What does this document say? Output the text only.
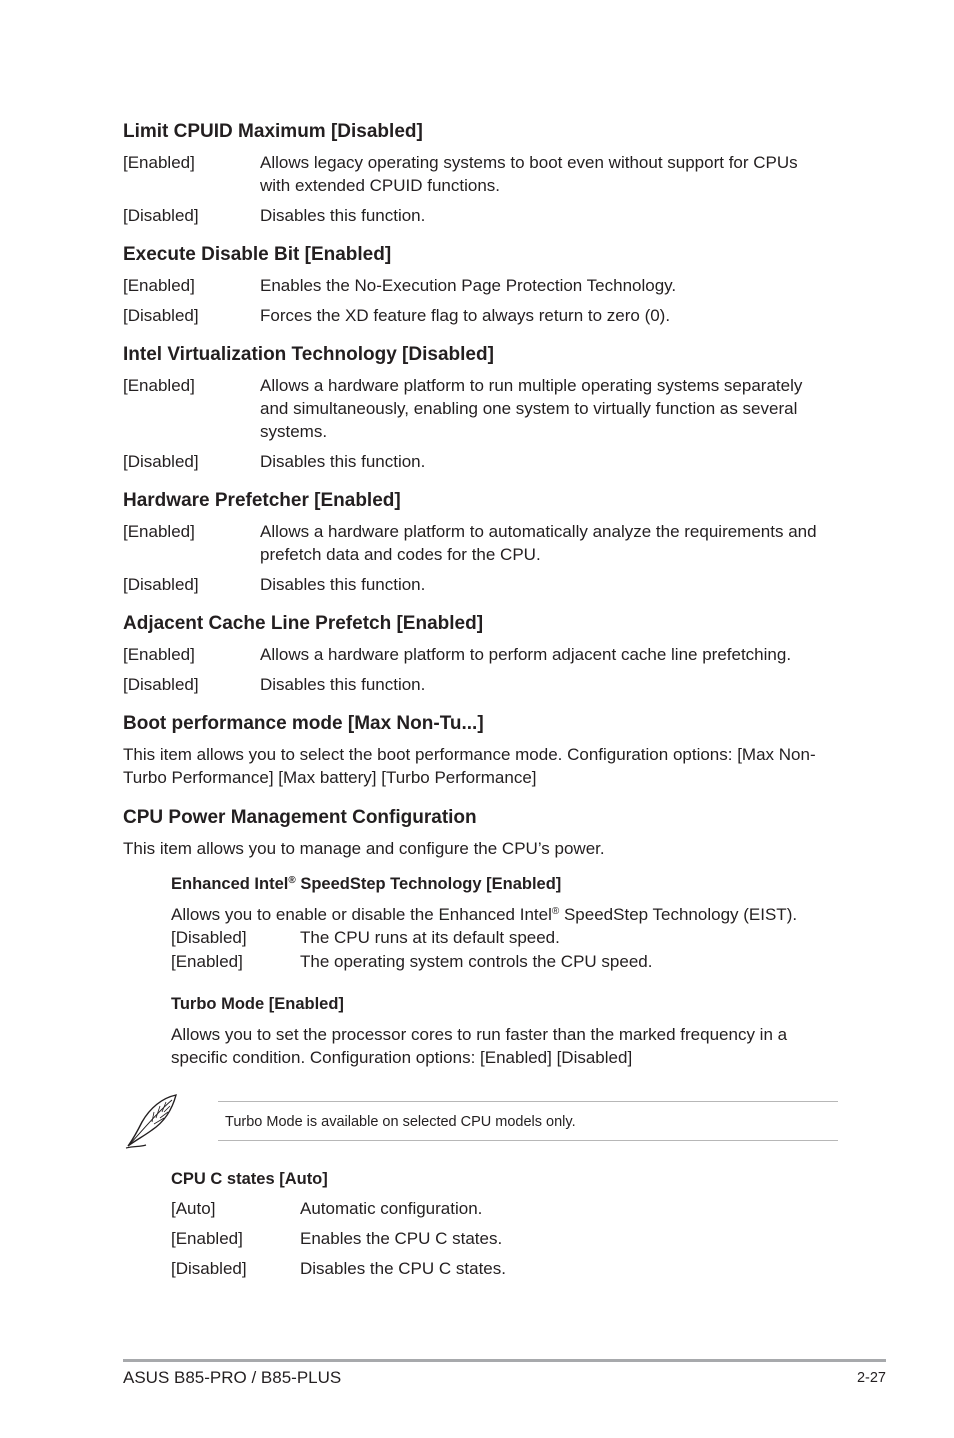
Limit CPUID Maximum [Disabled]
[Enabled]	Allows legacy operating systems to boot even without support for CPUs with extended CPUID functions.
[Disabled]	Disables this function.
Execute Disable Bit [Enabled]
[Enabled]	Enables the No-Execution Page Protection Technology.
[Disabled]	Forces the XD feature flag to always return to zero (0).
Intel Virtualization Technology [Disabled]
[Enabled]	Allows a hardware platform to run multiple operating systems separately and simultaneously, enabling one system to virtually function as several systems.
[Disabled]	Disables this function.
Hardware Prefetcher [Enabled]
[Enabled]	Allows a hardware platform to automatically analyze the requirements and prefetch data and codes for the CPU.
[Disabled]	Disables this function.
Adjacent Cache Line Prefetch [Enabled]
[Enabled]	Allows a hardware platform to perform adjacent cache line prefetching.
[Disabled]	Disables this function.
Boot performance mode [Max Non-Tu...]
This item allows you to select the boot performance mode. Configuration options: [Max Non-Turbo Performance] [Max battery] [Turbo Performance]
CPU Power Management Configuration
This item allows you to manage and configure the CPU’s power.
Enhanced Intel® SpeedStep Technology [Enabled]
Allows you to enable or disable the Enhanced Intel® SpeedStep Technology (EIST).
[Disabled]	The CPU runs at its default speed.
[Enabled]	The operating system controls the CPU speed.
Turbo Mode [Enabled]
Allows you to set the processor cores to run faster than the marked frequency in a specific condition. Configuration options: [Enabled] [Disabled]
Turbo Mode is available on selected CPU models only.
CPU C states [Auto]
[Auto]	Automatic configuration.
[Enabled]	Enables the CPU C states.
[Disabled]	Disables the CPU C states.
ASUS B85-PRO / B85-PLUS	2-27
